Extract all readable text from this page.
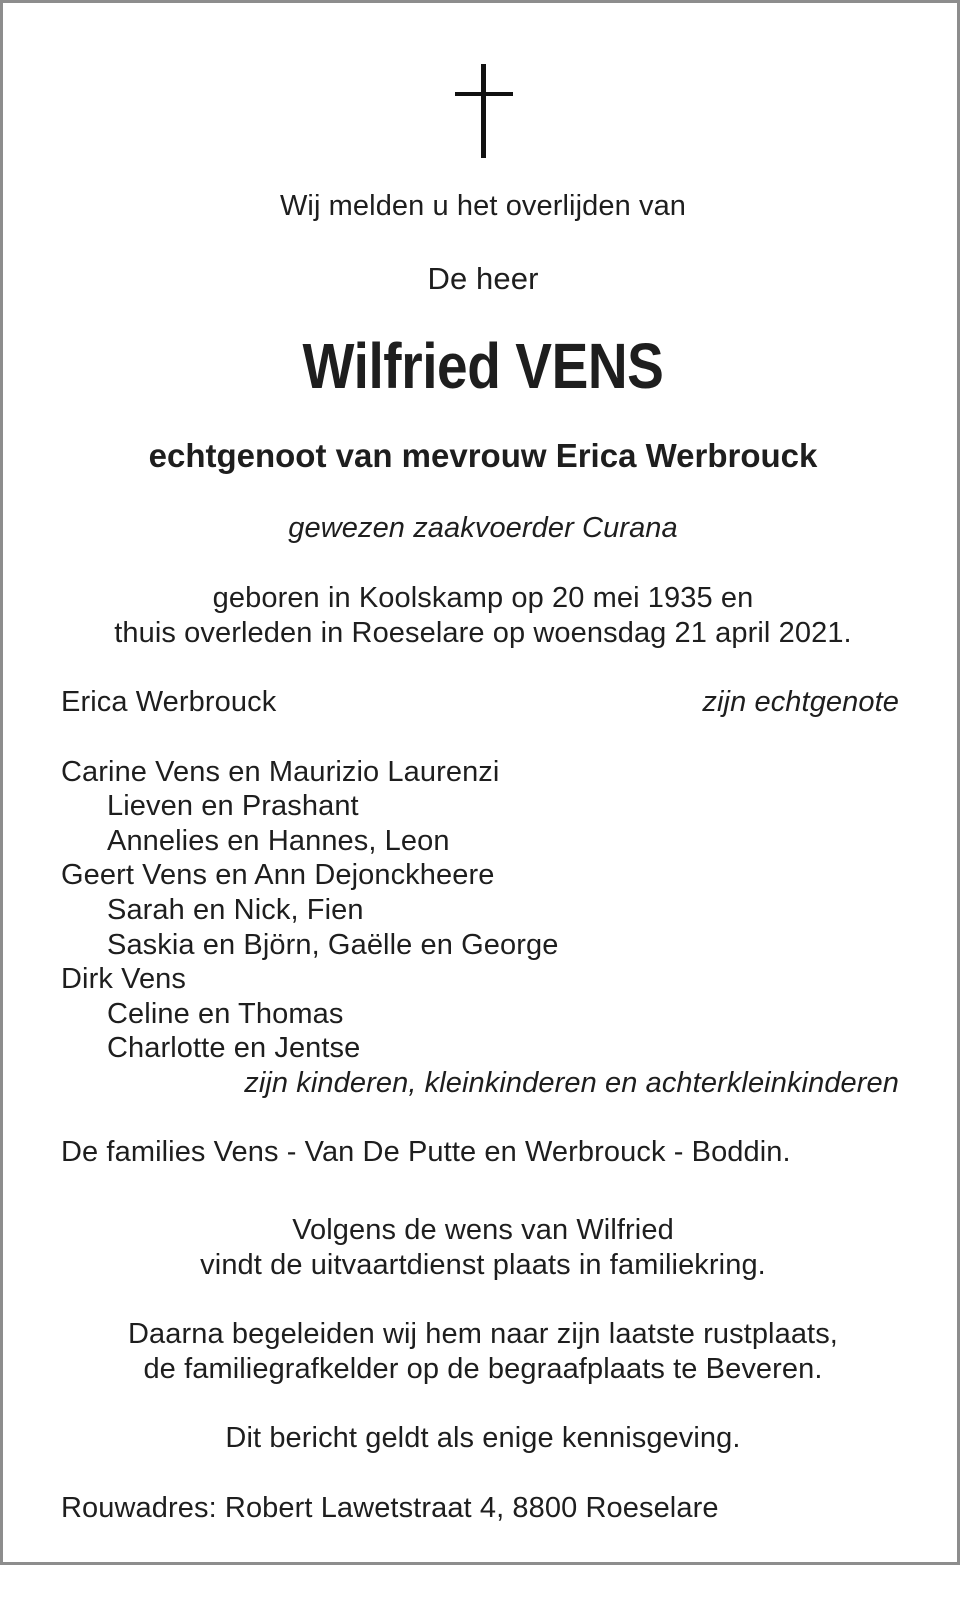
Wij melden u het overlijden van
De heer
Wilfried VENS
echtgenoot van mevrouw Erica Werbrouck
gewezen zaakvoerder Curana
geboren in Koolskamp op 20 mei 1935 en
thuis overleden in Roeselare op woensdag 21 april 2021.
Erica Werbrouck	zijn echtgenote
Carine Vens en Maurizio Laurenzi
Lieven en Prashant
Annelies en Hannes, Leon
Geert Vens en Ann Dejonckheere
Sarah en Nick, Fien
Saskia en Björn, Gaëlle en George
Dirk Vens
Celine en Thomas
Charlotte en Jentse
zijn kinderen, kleinkinderen en achterkleinkinderen
De families Vens - Van De Putte en Werbrouck - Boddin.
Volgens de wens van Wilfried
vindt de uitvaartdienst plaats in familiekring.
Daarna begeleiden wij hem naar zijn laatste rustplaats,
de familiegrafkelder op de begraafplaats te Beveren.
Dit bericht geldt als enige kennisgeving.
Rouwadres: Robert Lawetstraat 4, 8800 Roeselare
